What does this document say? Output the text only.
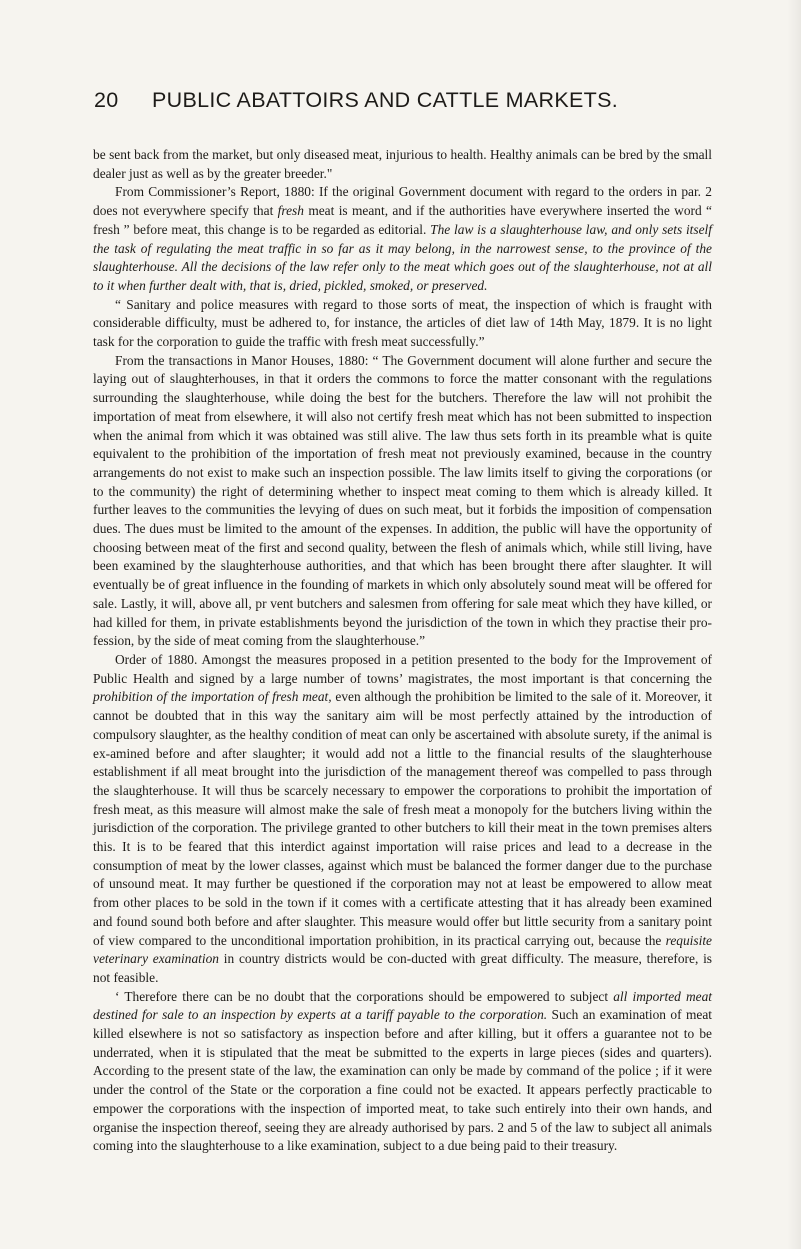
20 PUBLIC ABATTOIRS AND CATTLE MARKETS.

be sent back from the market, but only diseased meat, injurious to health. Healthy animals can be bred by the small dealer just as well as by the greater breeder."

From Commissioner’s Report, 1880: If the original Government document with regard to the orders in par. 2 does not everywhere specify that fresh meat is meant, and if the authorities have everywhere inserted the word “ fresh ” before meat, this change is to be regarded as editorial. The law is a slaughterhouse law, and only sets itself the task of regulating the meat traffic in so far as it may belong, in the narrowest sense, to the province of the slaughterhouse. All the decisions of the law refer only to the meat which goes out of the slaughterhouse, not at all to it when further dealt with, that is, dried, pickled, smoked, or preserved.

“ Sanitary and police measures with regard to those sorts of meat, the inspection of which is fraught with considerable difficulty, must be adhered to, for instance, the articles of diet law of 14th May, 1879. It is no light task for the corporation to guide the traffic with fresh meat successfully.”

From the transactions in Manor Houses, 1880: “ The Government document will alone further and secure the laying out of slaughterhouses, in that it orders the commons to force the matter consonant with the regulations surrounding the slaughterhouse, while doing the best for the butchers. Therefore the law will not prohibit the importation of meat from elsewhere, it will also not certify fresh meat which has not been submitted to inspection when the animal from which it was obtained was still alive. The law thus sets forth in its preamble what is quite equivalent to the prohibition of the importation of fresh meat not previously examined, because in the country arrangements do not exist to make such an inspection possible. The law limits itself to giving the corporations (or to the community) the right of determining whether to inspect meat coming to them which is already killed. It further leaves to the communities the levying of dues on such meat, but it forbids the imposition of compensation dues. The dues must be limited to the amount of the expenses. In addition, the public will have the opportunity of choosing between meat of the first and second quality, between the flesh of animals which, while still living, have been examined by the slaughterhouse authorities, and that which has been brought there after slaughter. It will eventually be of great influence in the founding of markets in which only absolutely sound meat will be offered for sale. Lastly, it will, above all, pr vent butchers and salesmen from offering for sale meat which they have killed, or had killed for them, in private establishments beyond the jurisdiction of the town in which they practise their pro-fession, by the side of meat coming from the slaughterhouse.”

Order of 1880. Amongst the measures proposed in a petition presented to the body for the Improvement of Public Health and signed by a large number of towns’ magistrates, the most important is that concerning the prohibition of the importation of fresh meat, even although the prohibition be limited to the sale of it. Moreover, it cannot be doubted that in this way the sanitary aim will be most perfectly attained by the introduction of compulsory slaughter, as the healthy condition of meat can only be ascertained with absolute surety, if the animal is ex-amined before and after slaughter; it would add not a little to the financial results of the slaughterhouse establishment if all meat brought into the jurisdiction of the management thereof was compelled to pass through the slaughterhouse. It will thus be scarcely necessary to empower the corporations to prohibit the importation of fresh meat, as this measure will almost make the sale of fresh meat a monopoly for the butchers living within the jurisdiction of the corporation. The privilege granted to other butchers to kill their meat in the town premises alters this. It is to be feared that this interdict against importation will raise prices and lead to a decrease in the consumption of meat by the lower classes, against which must be balanced the former danger due to the purchase of unsound meat. It may further be questioned if the corporation may not at least be empowered to allow meat from other places to be sold in the town if it comes with a certificate attesting that it has already been examined and found sound both before and after slaughter. This measure would offer but little security from a sanitary point of view compared to the unconditional importation prohibition, in its practical carrying out, because the requisite veterinary examination in country districts would be con-ducted with great difficulty. The measure, therefore, is not feasible.

‘ Therefore there can be no doubt that the corporations should be empowered to subject all imported meat destined for sale to an inspection by experts at a tariff payable to the corporation. Such an examination of meat killed elsewhere is not so satisfactory as inspection before and after killing, but it offers a guarantee not to be underrated, when it is stipulated that the meat be submitted to the experts in large pieces (sides and quarters). According to the present state of the law, the examination can only be made by command of the police ; if it were under the control of the State or the corporation a fine could not be exacted. It appears perfectly practicable to empower the corporations with the inspection of imported meat, to take such entirely into their own hands, and organise the inspection thereof, seeing they are already authorised by pars. 2 and 5 of the law to subject all animals coming into the slaughterhouse to a like examination, subject to a due being paid to their treasury.
